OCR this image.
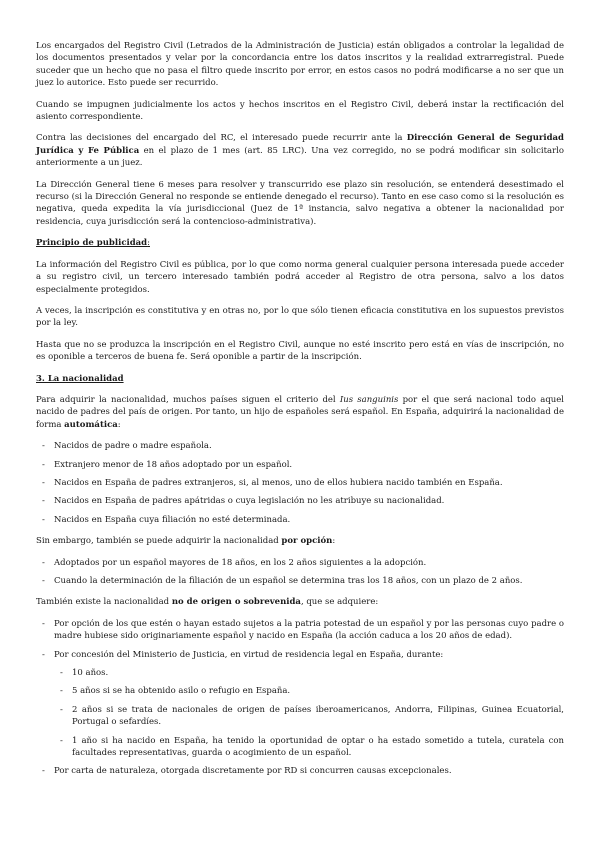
Los encargados del Registro Civil (Letrados de la Administración de Justicia) están obligados a controlar la legalidad de los documentos presentados y velar por la concordancia entre los datos inscritos y la realidad extrarregistral. Puede suceder que un hecho que no pasa el filtro quede inscrito por error, en estos casos no podrá modificarse a no ser que un juez lo autorice. Esto puede ser recurrido.

Cuando se impugnen judicialmente los actos y hechos inscritos en el Registro Civil, deberá instar la rectificación del asiento correspondiente.

Contra las decisiones del encargado del RC, el interesado puede recurrir ante la Dirección General de Seguridad Jurídica y Fe Pública en el plazo de 1 mes (art. 85 LRC). Una vez corregido, no se podrá modificar sin solicitarlo anteriormente a un juez.

La Dirección General tiene 6 meses para resolver y transcurrido ese plazo sin resolución, se entenderá desestimado el recurso (si la Dirección General no responde se entiende denegado el recurso). Tanto en ese caso como si la resolución es negativa, queda expedita la vía jurisdiccional (Juez de 1ª instancia, salvo negativa a obtener la nacionalidad por residencia, cuya jurisdicción será la contencioso-administrativa).

Principio de publicidad:

La información del Registro Civil es pública, por lo que como norma general cualquier persona interesada puede acceder a su registro civil, un tercero interesado también podrá acceder al Registro de otra persona, salvo a los datos especialmente protegidos.

A veces, la inscripción es constitutiva y en otras no, por lo que sólo tienen eficacia constitutiva en los supuestos previstos por la ley.

Hasta que no se produzca la inscripción en el Registro Civil, aunque no esté inscrito pero está en vías de inscripción, no es oponible a terceros de buena fe. Será oponible a partir de la inscripción.

3. La nacionalidad

Para adquirir la nacionalidad, muchos países siguen el criterio del Ius sanguinis por el que será nacional todo aquel nacido de padres del país de origen. Por tanto, un hijo de españoles será español. En España, adquirirá la nacionalidad de forma automática:

- Nacidos de padre o madre española.
- Extranjero menor de 18 años adoptado por un español.
- Nacidos en España de padres extranjeros, si, al menos, uno de ellos hubiera nacido también en España.
- Nacidos en España de padres apátridas o cuya legislación no les atribuye su nacionalidad.
- Nacidos en España cuya filiación no esté determinada.

Sin embargo, también se puede adquirir la nacionalidad por opción:

- Adoptados por un español mayores de 18 años, en los 2 años siguientes a la adopción.
- Cuando la determinación de la filiación de un español se determina tras los 18 años, con un plazo de 2 años.

También existe la nacionalidad no de origen o sobrevenida, que se adquiere:

- Por opción de los que estén o hayan estado sujetos a la patria potestad de un español y por las personas cuyo padre o madre hubiese sido originariamente español y nacido en España (la acción caduca a los 20 años de edad).
- Por concesión del Ministerio de Justicia, en virtud de residencia legal en España, durante:
- 10 años.
- 5 años si se ha obtenido asilo o refugio en España.
- 2 años si se trata de nacionales de origen de países iberoamericanos, Andorra, Filipinas, Guinea Ecuatorial, Portugal o sefardíes.
- 1 año si ha nacido en España, ha tenido la oportunidad de optar o ha estado sometido a tutela, curatela con facultades representativas, guarda o acogimiento de un español.
- Por carta de naturaleza, otorgada discretamente por RD si concurren causas excepcionales.
